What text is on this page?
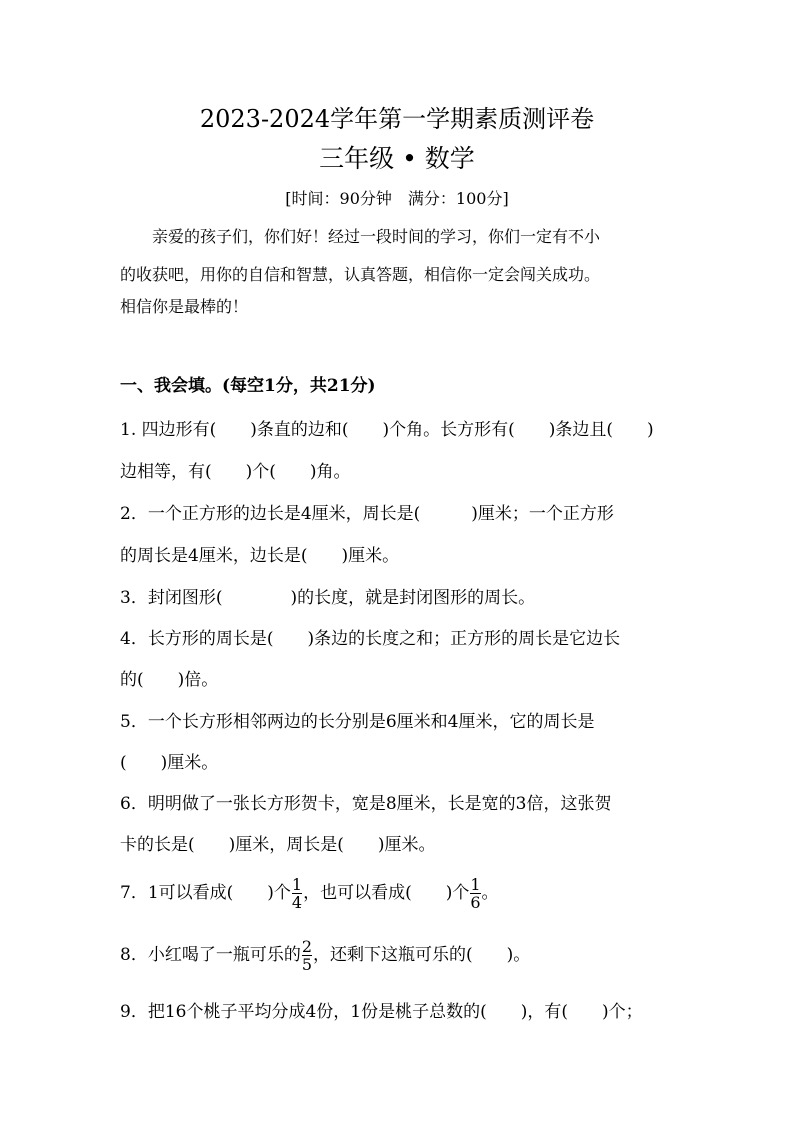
2023-2024学年第一学期素质测评卷
三年级 • 数学
[时间：90分钟　满分：100分]
　　亲爱的孩子们，你们好！经过一段时间的学习，你们一定有不小
的收获吧，用你的自信和智慧，认真答题，相信你一定会闯关成功。
相信你是最棒的！
一、我会填。(每空1分，共21分)
1. 四边形有(　　)条直的边和(　　)个角。长方形有(　　)条边且(　　)
边相等，有(　　)个(　　)角。
2．一个正方形的边长是4厘米，周长是(　　　)厘米；一个正方形
的周长是4厘米，边长是(　　)厘米。
3．封闭图形(　　　　)的长度，就是封闭图形的周长。
4．长方形的周长是(　　)条边的长度之和；正方形的周长是它边长
的(　　)倍。
5．一个长方形相邻两边的长分别是6厘米和4厘米，它的周长是
(　　)厘米。
6．明明做了一张长方形贺卡，宽是8厘米，长是宽的3倍，这张贺
卡的长是(　　)厘米，周长是(　　)厘米。
7．1可以看成(　　)个 $\frac{1}{4}$ ，也可以看成(　　)个 $\frac{1}{6}$ 。
8．小红喝了一瓶可乐的 $\frac{2}{5}$ ，还剩下这瓶可乐的(　　)。
9．把16个桃子平均分成4份，1份是桃子总数的(　　)，有(　　)个；
